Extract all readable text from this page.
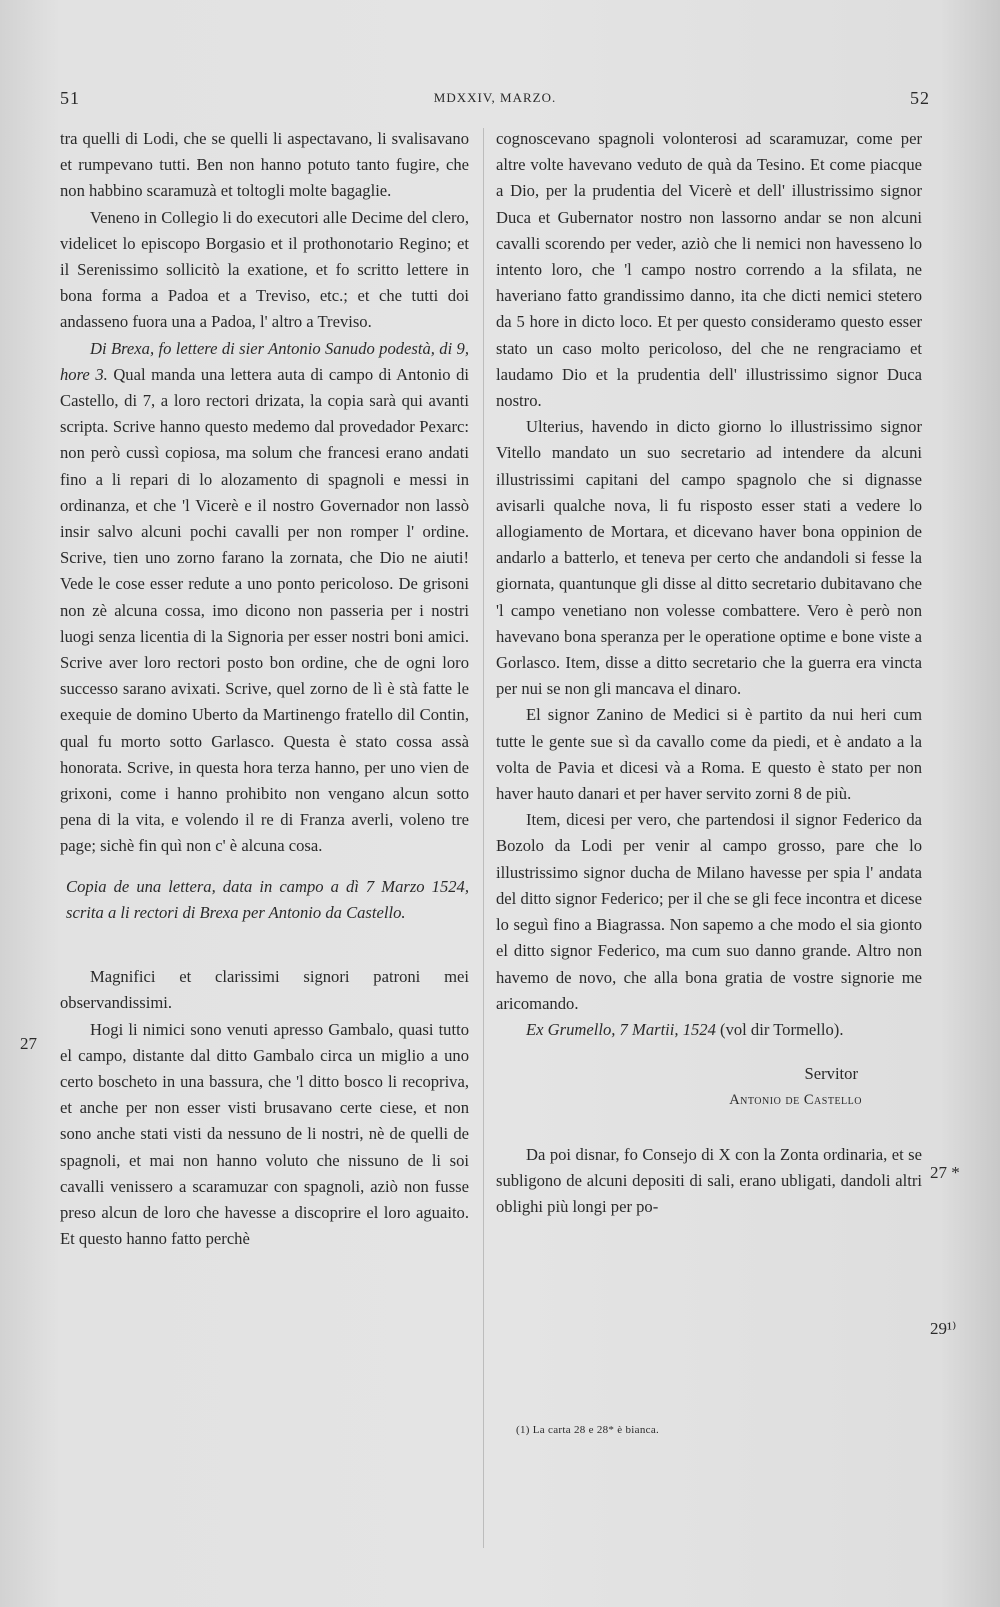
51	MDXXIV, MARZO.	52

tra quelli di Lodi, che se quelli li aspectavano, li svalisavano et rumpevano tutti. Ben non hanno potuto tanto fugire, che non habbino scaramuzà et toltogli molte bagaglie.

Veneno in Collegio li do executori alle Decime del clero, videlicet lo episcopo Borgasio et il prothonotario Regino; et il Serenissimo sollicitò la exatione, et fo scritto lettere in bona forma a Padoa et a Treviso, etc.; et che tutti doi andasseno fuora una a Padoa, l' altro a Treviso.

Di Brexa, fo lettere di sier Antonio Sanudo podestà, di 9, hore 3. Qual manda una lettera auta di campo di Antonio di Castello, di 7, a loro rectori drizata, la copia sarà qui avanti scripta. Scrive hanno questo medemo dal provedador Pexarc: non però cussì copiosa, ma solum che francesi erano andati fino a li repari di lo alozamento di spagnoli e messi in ordinanza, et che 'l Vicerè e il nostro Governador non lassò insir salvo alcuni pochi cavalli per non romper l' ordine. Scrive, tien uno zorno farano la zornata, che Dio ne aiuti! Vede le cose esser redute a uno ponto pericoloso. De grisoni non zè alcuna cossa, imo dicono non passeria per i nostri luogi senza licentia di la Signoria per esser nostri boni amici. Scrive aver loro rectori posto bon ordine, che de ogni loro successo sarano avixati. Scrive, quel zorno de lì è stà fatte le exequie de domino Uberto da Martinengo fratello dil Contin, qual fu morto sotto Garlasco. Questa è stato cossa assà honorata. Scrive, in questa hora terza hanno, per uno vien de grixoni, come i hanno prohibito non vengano alcun sotto pena di la vita, e volendo il re di Franza averli, voleno tre page; sichè fin quì non c' è alcuna cosa.

Copia de una lettera, data in campo a dì 7 Marzo 1524, scrita a li rectori di Brexa per Antonio da Castello.

Magnifici et clarissimi signori patroni mei observandissimi.

Hogi li nimici sono venuti apresso Gambalo, quasi tutto el campo, distante dal ditto Gambalo circa un miglio a uno certo boscheto in una bassura, che 'l ditto bosco li recopriva, et anche per non esser visti brusavano certe ciese, et non sono anche stati visti da nessuno de li nostri, nè de quelli de spagnoli, et mai non hanno voluto che nissuno de li soi cavalli venissero a scaramuzar con spagnoli, aziò non fusse preso alcun de loro che havesse a discoprire el loro aguaito. Et questo hanno fatto perchè

cognoscevano spagnoli volonterosi ad scaramuzar, come per altre volte havevano veduto de quà da Tesino. Et come piacque a Dio, per la prudentia del Vicerè et dell' illustrissimo signor Duca et Gubernator nostro non lassorno andar se non alcuni cavalli scorendo per veder, aziò che li nemici non havesseno lo intento loro, che 'l campo nostro correndo a la sfilata, ne haveriano fatto grandissimo danno, ita che dicti nemici stetero da 5 hore in dicto loco. Et per questo consideramo questo esser stato un caso molto pericoloso, del che ne rengraciamo et laudamo Dio et la prudentia dell' illustrissimo signor Duca nostro.

Ulterius, havendo in dicto giorno lo illustrissimo signor Vitello mandato un suo secretario ad intendere da alcuni illustrissimi capitani del campo spagnolo che si dignasse avisarli qualche nova, li fu risposto esser stati a vedere lo allogiamento de Mortara, et dicevano haver bona oppinion de andarlo a batterlo, et teneva per certo che andandoli si fesse la giornata, quantunque gli disse al ditto secretario dubitavano che 'l campo venetiano non volesse combattere. Vero è però non havevano bona speranza per le operatione optime e bone viste a Gorlasco. Item, disse a ditto secretario che la guerra era vincta per nui se non gli mancava el dinaro.

El signor Zanino de Medici si è partito da nui heri cum tutte le gente sue sì da cavallo come da piedi, et è andato a la volta de Pavia et dicesi và a Roma. E questo è stato per non haver hauto danari et per haver servito zorni 8 de più.

Item, dicesi per vero, che partendosi il signor Federico da Bozolo da Lodi per venir al campo grosso, pare che lo illustrissimo signor ducha de Milano havesse per spia l' andata del ditto signor Federico; per il che se gli fece incontra et dicese lo seguì fino a Biagrassa. Non sapemo a che modo el sia gionto el ditto signor Federico, ma cum suo danno grande. Altro non havemo de novo, che alla bona gratia de vostre signorie me aricomando.

Ex Grumello, 7 Martii, 1524 (vol dir Tormello).

Servitor

Antonio de Castello

Da poi disnar, fo Consejo di X con la Zonta ordinaria, et se subligono de alcuni depositi di sali, erano ubligati, dandoli altri oblighi più longi per po-

(1) La carta 28 e 28* è bianca.
27
27 *
29¹⁾
